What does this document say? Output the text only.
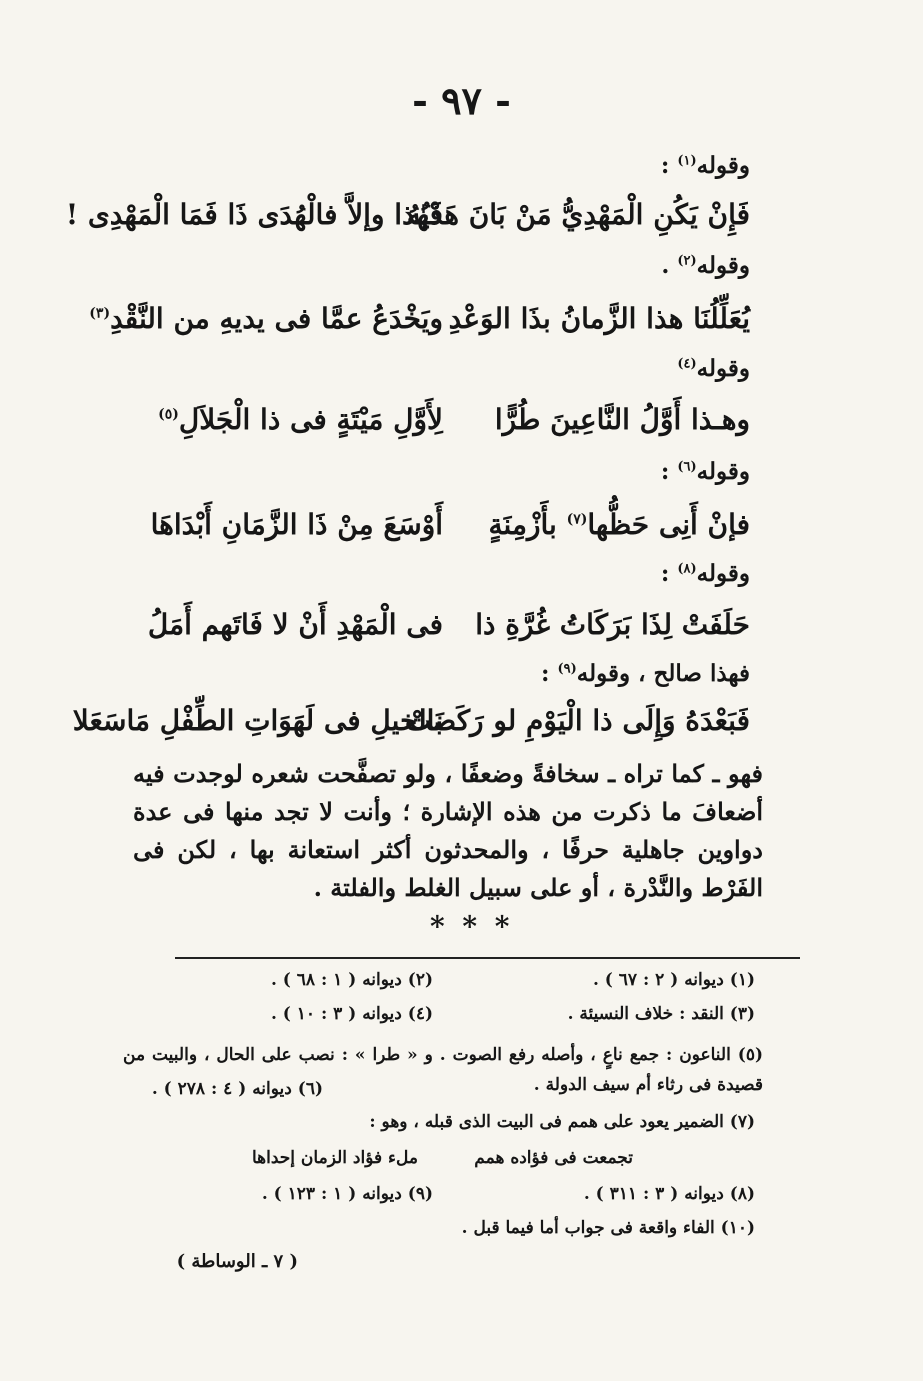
- ٩٧ -
وقوله$^{(١)}$ :
فَإِنْ يَكُنِ الْمَهْدِيُّ مَنْ بَانَ هَدْيُهُ
فَهٰذا وإلاَّ فالْهُدَى ذَا فَمَا الْمَهْدِى !
وقوله$^{(٢)}$ .
يُعَلِّلُنَا هذا الزَّمانُ بذَا الوَعْدِ
ويَخْدَعُ عمَّا فى يديهِ من النَّقْدِ$^{(٣)}$
وقوله$^{(٤)}$
وهـذا أَوَّلُ النَّاعِينَ طُرًّا
لِأَوَّلِ مَيْتَةٍ فى ذا الْجَلاَلِ$^{(٥)}$
وقوله$^{(٦)}$ :
فإنْ أَنِى حَظُّها$^{(٧)}$ بأَزْمِنَةٍ
أَوْسَعَ مِنْ ذَا الزَّمَانِ أَبْدَاهَا
وقوله$^{(٨)}$ :
حَلَفَتْ لِذَا بَرَكَاتُ غُرَّةِ ذا
فى الْمَهْدِ أَنْ لا فَاتَهم أَمَلُ
فهذا صالح ، وقوله$^{(٩)}$ :
فَبَعْدَهُ وَإِلَى ذا الْيَوْمِ لو رَكَضَتْ
بالخيلِ فى لَهَوَاتِ الطِّفْلِ مَاسَعَلا
فهو ـ كما تراه ـ سخافةً وضعفًا ، ولو تصفَّحت شعره لوجدت فيه أضعافَ ما ذكرت من هذه الإشارة ؛ وأنت لا تجد منها فى عدة دواوين جاهلية حرفًا ، والمحدثون أكثر استعانة بها ، لكن فى الفَرْط والنَّدْرة ، أو على سبيل الغلط والفلتة .
* * *
(١) ديوانه ( ٢ : ٦٧ ) .
(٢) ديوانه ( ١ : ٦٨ ) .
(٣) النقد : خلاف النسيئة .
(٤) ديوانه ( ٣ : ١٠ ) .
(٥) الناعون : جمع ناعٍ ، وأصله رفع الصوت . و « طرا » : نصب على الحال ، والبيت من قصيدة فى رثاء أم سيف الدولة .
(٦) ديوانه ( ٤ : ٢٧٨ ) .
(٧) الضمير يعود على همم فى البيت الذى قبله ، وهو :
تجمعت فى فؤاده همم
ملء فؤاد الزمان إحداها
(٨) ديوانه ( ٣ : ٣١١ ) .
(٩) ديوانه ( ١ : ١٢٣ ) .
(١٠) الفاء واقعة فى جواب أما فيما قبل .
( ٧ ـ الوساطة )
